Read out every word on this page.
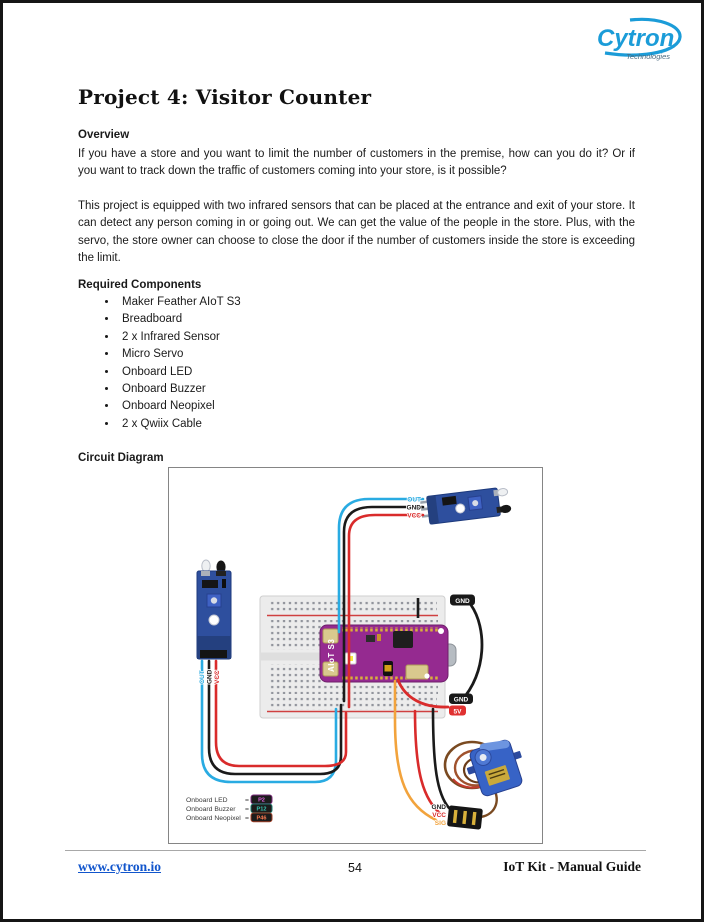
Cytron
Technologies
Project 4: Visitor Counter
Overview
If you have a store and you want to limit the number of customers in the premise, how can you do it? Or if you want to track down the traffic of customers coming into your store, is it possible?
This project is equipped with two infrared sensors that can be placed at the entrance and exit of your store. It can detect any person coming in or going out. We can get the value of the people in the store. Plus, with the servo, the store owner can choose to close the door if the number of customers inside the store is exceeding the limit.
Required Components
• Maker Feather AIoT S3
• Breadboard
• 2 x Infrared Sensor
• Micro Servo
• Onboard LED
• Onboard Buzzer
• Onboard Neopixel
• 2 x Qwiix Cable
Circuit Diagram
OUT GND VCC
AIoT S3
OUT
GND
VCC
GND
GND
5V
GND
VCC
SIG
Onboard LED	= P2
Onboard Buzzer = P12
Onboard Neopixel = P46
www.cytron.io	54	IoT Kit - Manual Guide
